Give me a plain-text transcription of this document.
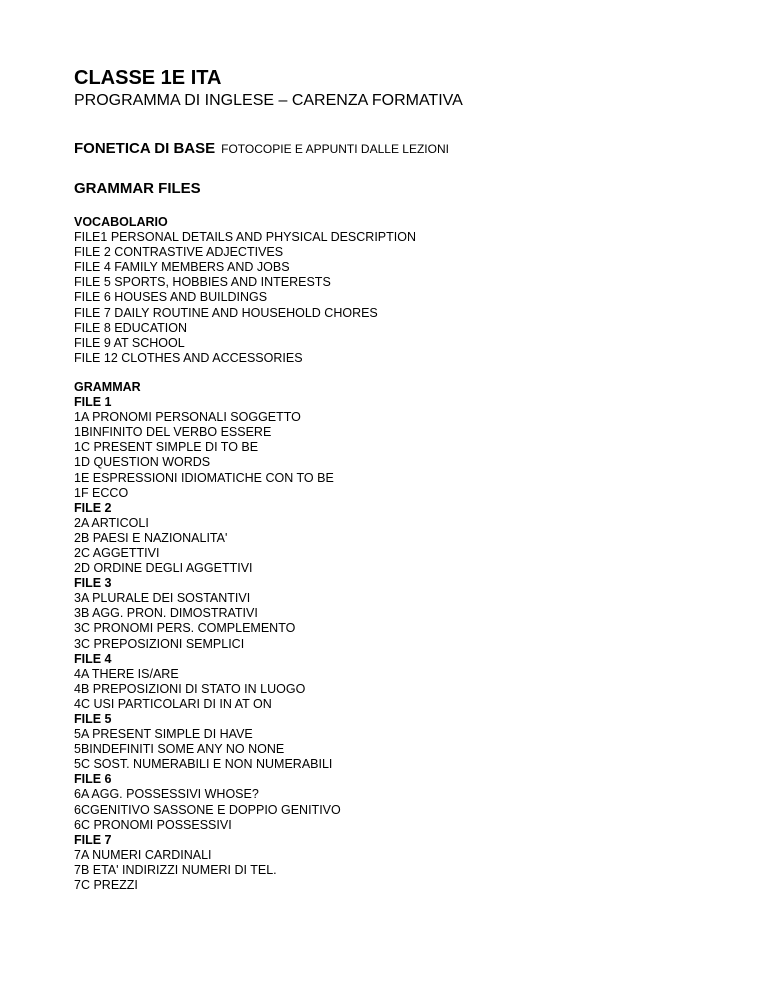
CLASSE 1E ITA
PROGRAMMA DI INGLESE – CARENZA FORMATIVA
FONETICA DI BASE FOTOCOPIE E APPUNTI DALLE LEZIONI
GRAMMAR FILES
VOCABOLARIO
FILE1 PERSONAL DETAILS AND PHYSICAL DESCRIPTION
FILE 2 CONTRASTIVE ADJECTIVES
FILE 4 FAMILY MEMBERS AND JOBS
FILE 5 SPORTS, HOBBIES AND INTERESTS
FILE 6 HOUSES AND BUILDINGS
FILE 7 DAILY ROUTINE AND HOUSEHOLD CHORES
FILE 8 EDUCATION
FILE 9 AT SCHOOL
FILE 12 CLOTHES AND ACCESSORIES
GRAMMAR
FILE 1
1A PRONOMI PERSONALI SOGGETTO
1BINFINITO DEL VERBO ESSERE
1C PRESENT SIMPLE DI TO BE
1D QUESTION WORDS
1E ESPRESSIONI IDIOMATICHE CON TO BE
1F ECCO
FILE 2
2A ARTICOLI
2B PAESI E NAZIONALITA'
2C AGGETTIVI
2D ORDINE DEGLI AGGETTIVI
FILE 3
3A PLURALE DEI SOSTANTIVI
3B AGG. PRON. DIMOSTRATIVI
3C PRONOMI PERS. COMPLEMENTO
3C PREPOSIZIONI SEMPLICI
FILE 4
4A THERE IS/ARE
4B PREPOSIZIONI DI STATO IN LUOGO
4C USI PARTICOLARI DI IN AT ON
FILE 5
5A PRESENT SIMPLE DI HAVE
5BINDEFINITI SOME ANY NO NONE
5C SOST. NUMERABILI E NON NUMERABILI
FILE 6
6A AGG. POSSESSIVI WHOSE?
6CGENITIVO SASSONE E DOPPIO GENITIVO
6C PRONOMI POSSESSIVI
FILE 7
7A NUMERI CARDINALI
7B ETA' INDIRIZZI NUMERI DI TEL.
7C PREZZI
